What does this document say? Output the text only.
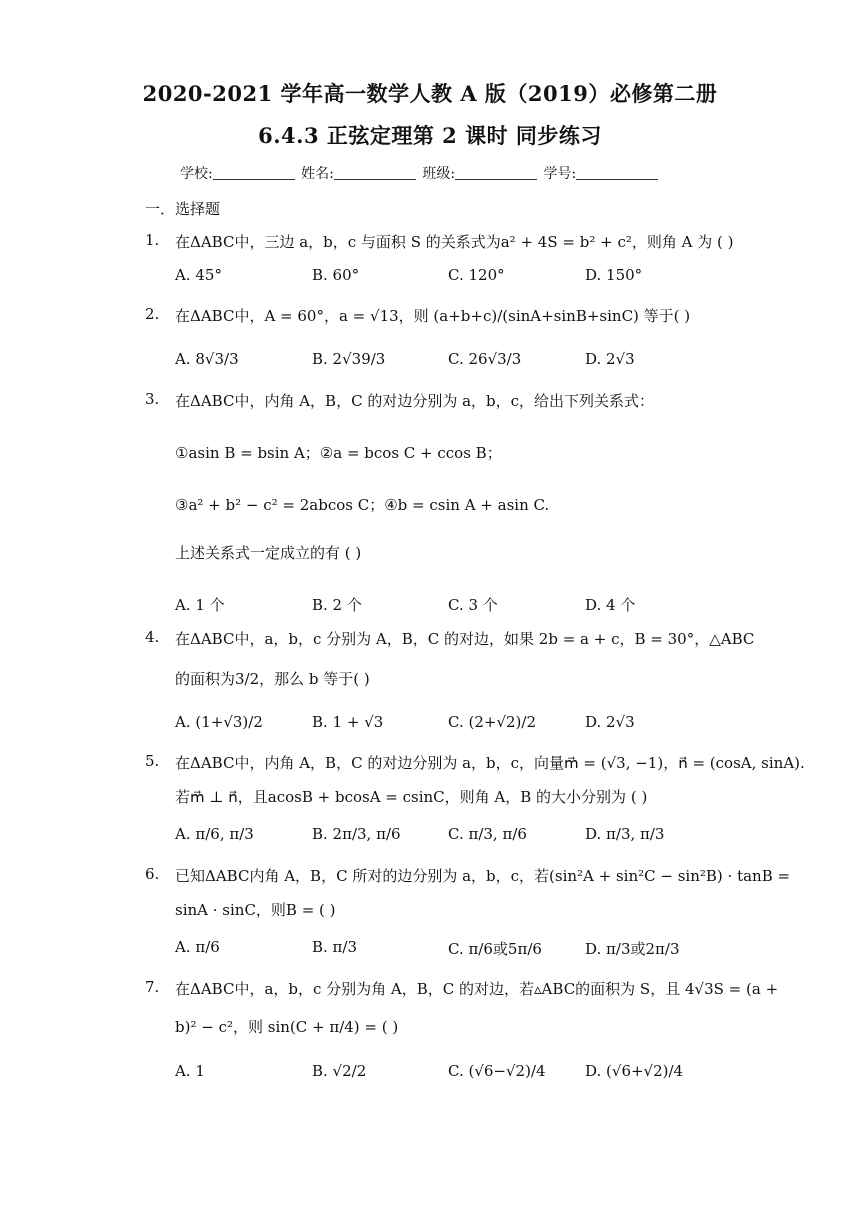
2020-2021 学年高一数学人教 A 版（2019）必修第二册
6.4.3 正弦定理第 2 课时 同步练习
学校:	姓名:	班级:	学号:
一．选择题
1. 在ΔABC中，三边 a，b，c 与面积 S 的关系式为a² + 4S = b² + c²，则角 A 为 ( )
A. 45°	B. 60°	C. 120°	D. 150°
2. 在ΔABC中，A = 60°，a = √13，则 (a+b+c)/(sinA+sinB+sinC) 等于( )
A. 8√3/3	B. 2√39/3	C. 26√3/3	D. 2√3
3. 在ΔABC中，内角 A，B，C 的对边分别为 a，b，c，给出下列关系式：
①asin B = bsin A；②a = bcos C + ccos B；
③a² + b² − c² = 2abcos C；④b = csin A + asin C.
上述关系式一定成立的有 ( )
A. 1 个	B. 2 个	C. 3 个	D. 4 个
4. 在ΔABC中，a，b，c 分别为 A，B，C 的对边，如果 2b = a + c，B = 30°，△ABC
的面积为3/2，那么 b 等于( )
A. (1+√3)/2	B. 1 + √3	C. (2+√2)/2	D. 2√3
5. 在ΔABC中，内角 A，B，C 的对边分别为 a，b，c，向量m⃗ = (√3, −1)，n⃗ = (cosA, sinA).
若m⃗ ⊥ n⃗，且acosB + bcosA = csinC，则角 A，B 的大小分别为 ( )
A. π/6, π/3	B. 2π/3, π/6	C. π/3, π/6	D. π/3, π/3
6. 已知ΔABC内角 A，B，C 所对的边分别为 a，b，c，若(sin²A + sin²C − sin²B) · tanB =
sinA · sinC，则B = ( )
A. π/6	B. π/3	C. π/6或5π/6	D. π/3或2π/3
7. 在ΔABC中，a，b，c 分别为角 A，B，C 的对边，若▵ABC的面积为 S，且 4√3S = (a +
b)² − c²，则 sin(C + π/4) = ( )
A. 1	B. √2/2	C. (√6−√2)/4	D. (√6+√2)/4
